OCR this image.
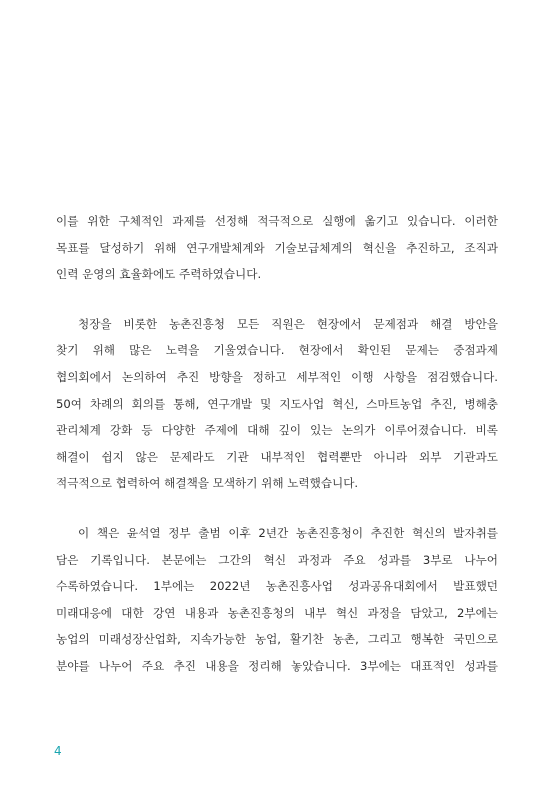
이를 위한 구체적인 과제를 선정해 적극적으로 실행에 옮기고 있습니다. 이러한
목표를 달성하기 위해 연구개발체계와 기술보급체계의 혁신을 추진하고, 조직과
인력 운영의 효율화에도 주력하였습니다.
청장을 비롯한 농촌진흥청 모든 직원은 현장에서 문제점과 해결 방안을
찾기 위해 많은 노력을 기울였습니다. 현장에서 확인된 문제는 중점과제
협의회에서 논의하여 추진 방향을 정하고 세부적인 이행 사항을 점검했습니다.
50여 차례의 회의를 통해, 연구개발 및 지도사업 혁신, 스마트농업 추진, 병해충
관리체계 강화 등 다양한 주제에 대해 깊이 있는 논의가 이루어졌습니다. 비록
해결이 쉽지 않은 문제라도 기관 내부적인 협력뿐만 아니라 외부 기관과도
적극적으로 협력하여 해결책을 모색하기 위해 노력했습니다.
이 책은 윤석열 정부 출범 이후 2년간 농촌진흥청이 추진한 혁신의 발자취를
담은 기록입니다. 본문에는 그간의 혁신 과정과 주요 성과를 3부로 나누어
수록하였습니다. 1부에는 2022년 농촌진흥사업 성과공유대회에서 발표했던
미래대응에 대한 강연 내용과 농촌진흥청의 내부 혁신 과정을 담았고, 2부에는
농업의 미래성장산업화, 지속가능한 농업, 활기찬 농촌, 그리고 행복한 국민으로
분야를 나누어 주요 추진 내용을 정리해 놓았습니다. 3부에는 대표적인 성과를
4
